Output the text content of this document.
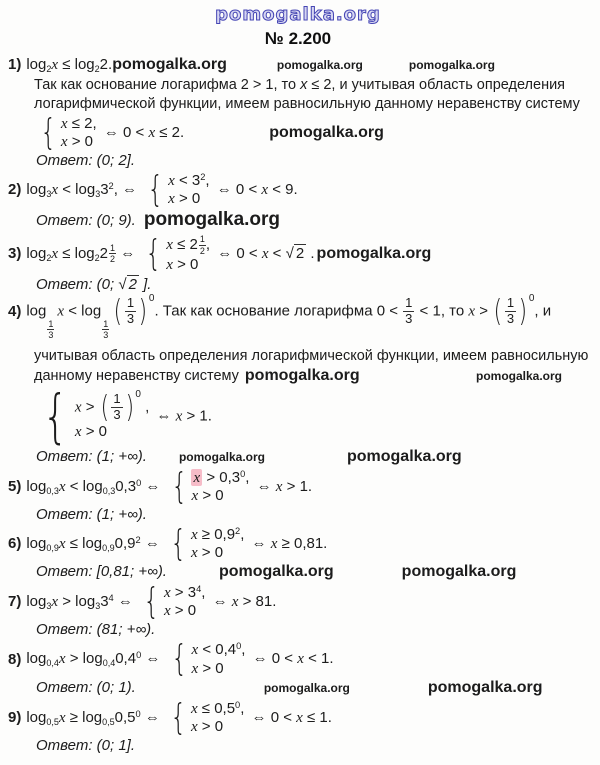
pomogalka.org
№ 2.200
1) $\log_2x \le \log_22$. pomogalka.org	pomogalka.org	pomogalka.org
Так как основание логарифма 2 > 1, то x ≤ 2, и учитывая область определения
логарифмической функции, имеем равносильную данному неравенству систему
{ x ≤ 2,
x > 0
⇔ 0 < x ≤ 2.	pomogalka.org
Ответ: (0; 2].
2) $\log_3x < \log_33^2$, ⇔ { $x < 3^2$,
x > 0
⇔ 0 < x < 9.
Ответ: (0; 9). pomogalka.org
3) $\log_2x \le \log_22 \frac{1}{2}$ ⇔ { $x \le 2 \frac{1}{2}$ ,
x > 0
⇔ 0 < x < √ 2 . pomogalka.org
Ответ: (0; √ 2 ].
4) log
$\frac{1}{3}$
x < log
$\frac{1}{3}$
( 1
3 )$^0$
. Так как основание логарифма $0 < \frac{1}{3} < 1$, то x > ( 1
3 )$^0$
, и
учитывая область определения логарифмической функции, имеем равносильную
данному неравенству систему pomogalka.org	pomogalka.org
{ x > ( 1
3 )$^0$
,
x > 0
⇔ x > 1.
Ответ: (1; +∞).	pomogalka.org	pomogalka.org
5) $\log_{0,3}x < \log_{0,3}0,3^0$ ⇔ { $x > 0,3^0$,
x > 0
⇔ x > 1.
Ответ: (1; +∞).
6) $\log_{0,9}x \le \log_{0,9}0,9^2$ ⇔ { $x \ge 0,9^2$,
x > 0
⇔ x ≥ 0,81.
Ответ: [0,81; +∞).	pomogalka.org	pomogalka.org
7) $\log_3x > \log_33^4$ ⇔ { $x > 3^4$,
x > 0
⇔ x > 81.
Ответ: (81; +∞).
8) $\log_{0,4}x > \log_{0,4}0,4^0$ ⇔ { $x < 0,4^0$,
x > 0
⇔ 0 < x < 1.
Ответ: (0; 1).	pomogalka.org	pomogalka.org
9) $\log_{0,5}x \ge \log_{0,5}0,5^0$ ⇔ { $x \le 0,5^0$,
x > 0
⇔ 0 < x ≤ 1.
Ответ: (0; 1].
